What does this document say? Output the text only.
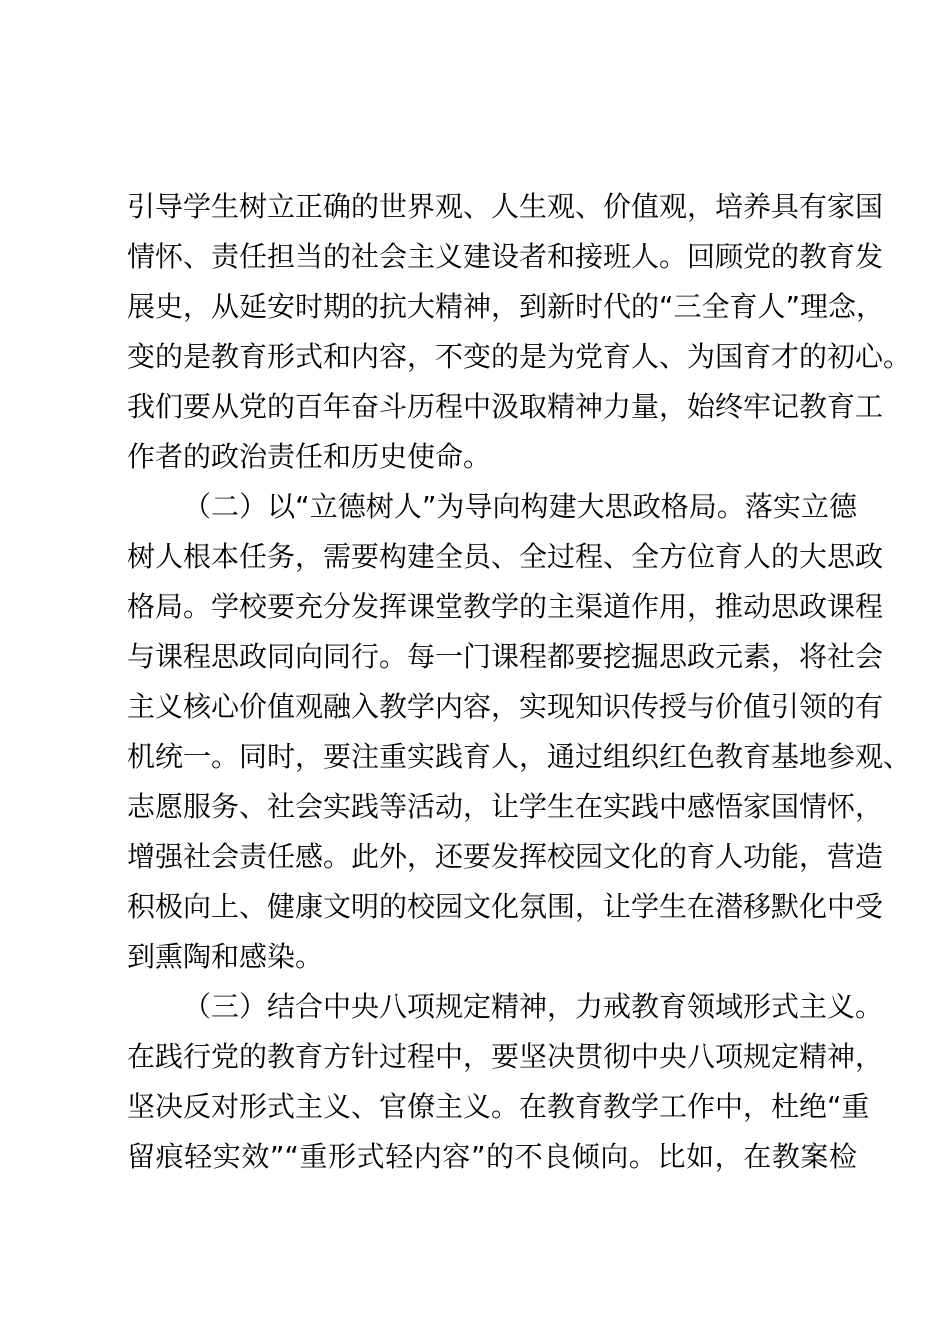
引导学生树立正确的世界观、人生观、价值观，培养具有家国
情怀、责任担当的社会主义建设者和接班人。回顾党的教育发
展史，从延安时期的抗大精神，到新时代的“三全育人”理念，
变的是教育形式和内容，不变的是为党育人、为国育才的初心。
我们要从党的百年奋斗历程中汲取精神力量，始终牢记教育工
作者的政治责任和历史使命。
（二）以“立德树人”为导向构建大思政格局。落实立德
树人根本任务，需要构建全员、全过程、全方位育人的大思政
格局。学校要充分发挥课堂教学的主渠道作用，推动思政课程
与课程思政同向同行。每一门课程都要挖掘思政元素，将社会
主义核心价值观融入教学内容，实现知识传授与价值引领的有
机统一。同时，要注重实践育人，通过组织红色教育基地参观、
志愿服务、社会实践等活动，让学生在实践中感悟家国情怀，
增强社会责任感。此外，还要发挥校园文化的育人功能，营造
积极向上、健康文明的校园文化氛围，让学生在潜移默化中受
到熏陶和感染。
（三）结合中央八项规定精神，力戒教育领域形式主义。
在践行党的教育方针过程中，要坚决贯彻中央八项规定精神，
坚决反对形式主义、官僚主义。在教育教学工作中，杜绝“重
留痕轻实效”“重形式轻内容”的不良倾向。比如，在教案检
